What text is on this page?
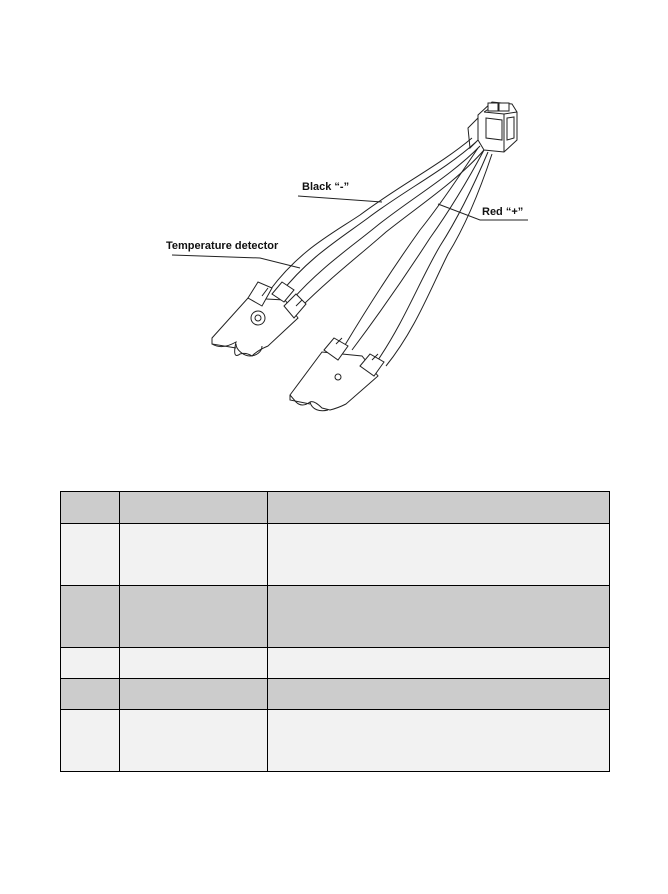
Black “-”
Temperature detector
Red “+”
